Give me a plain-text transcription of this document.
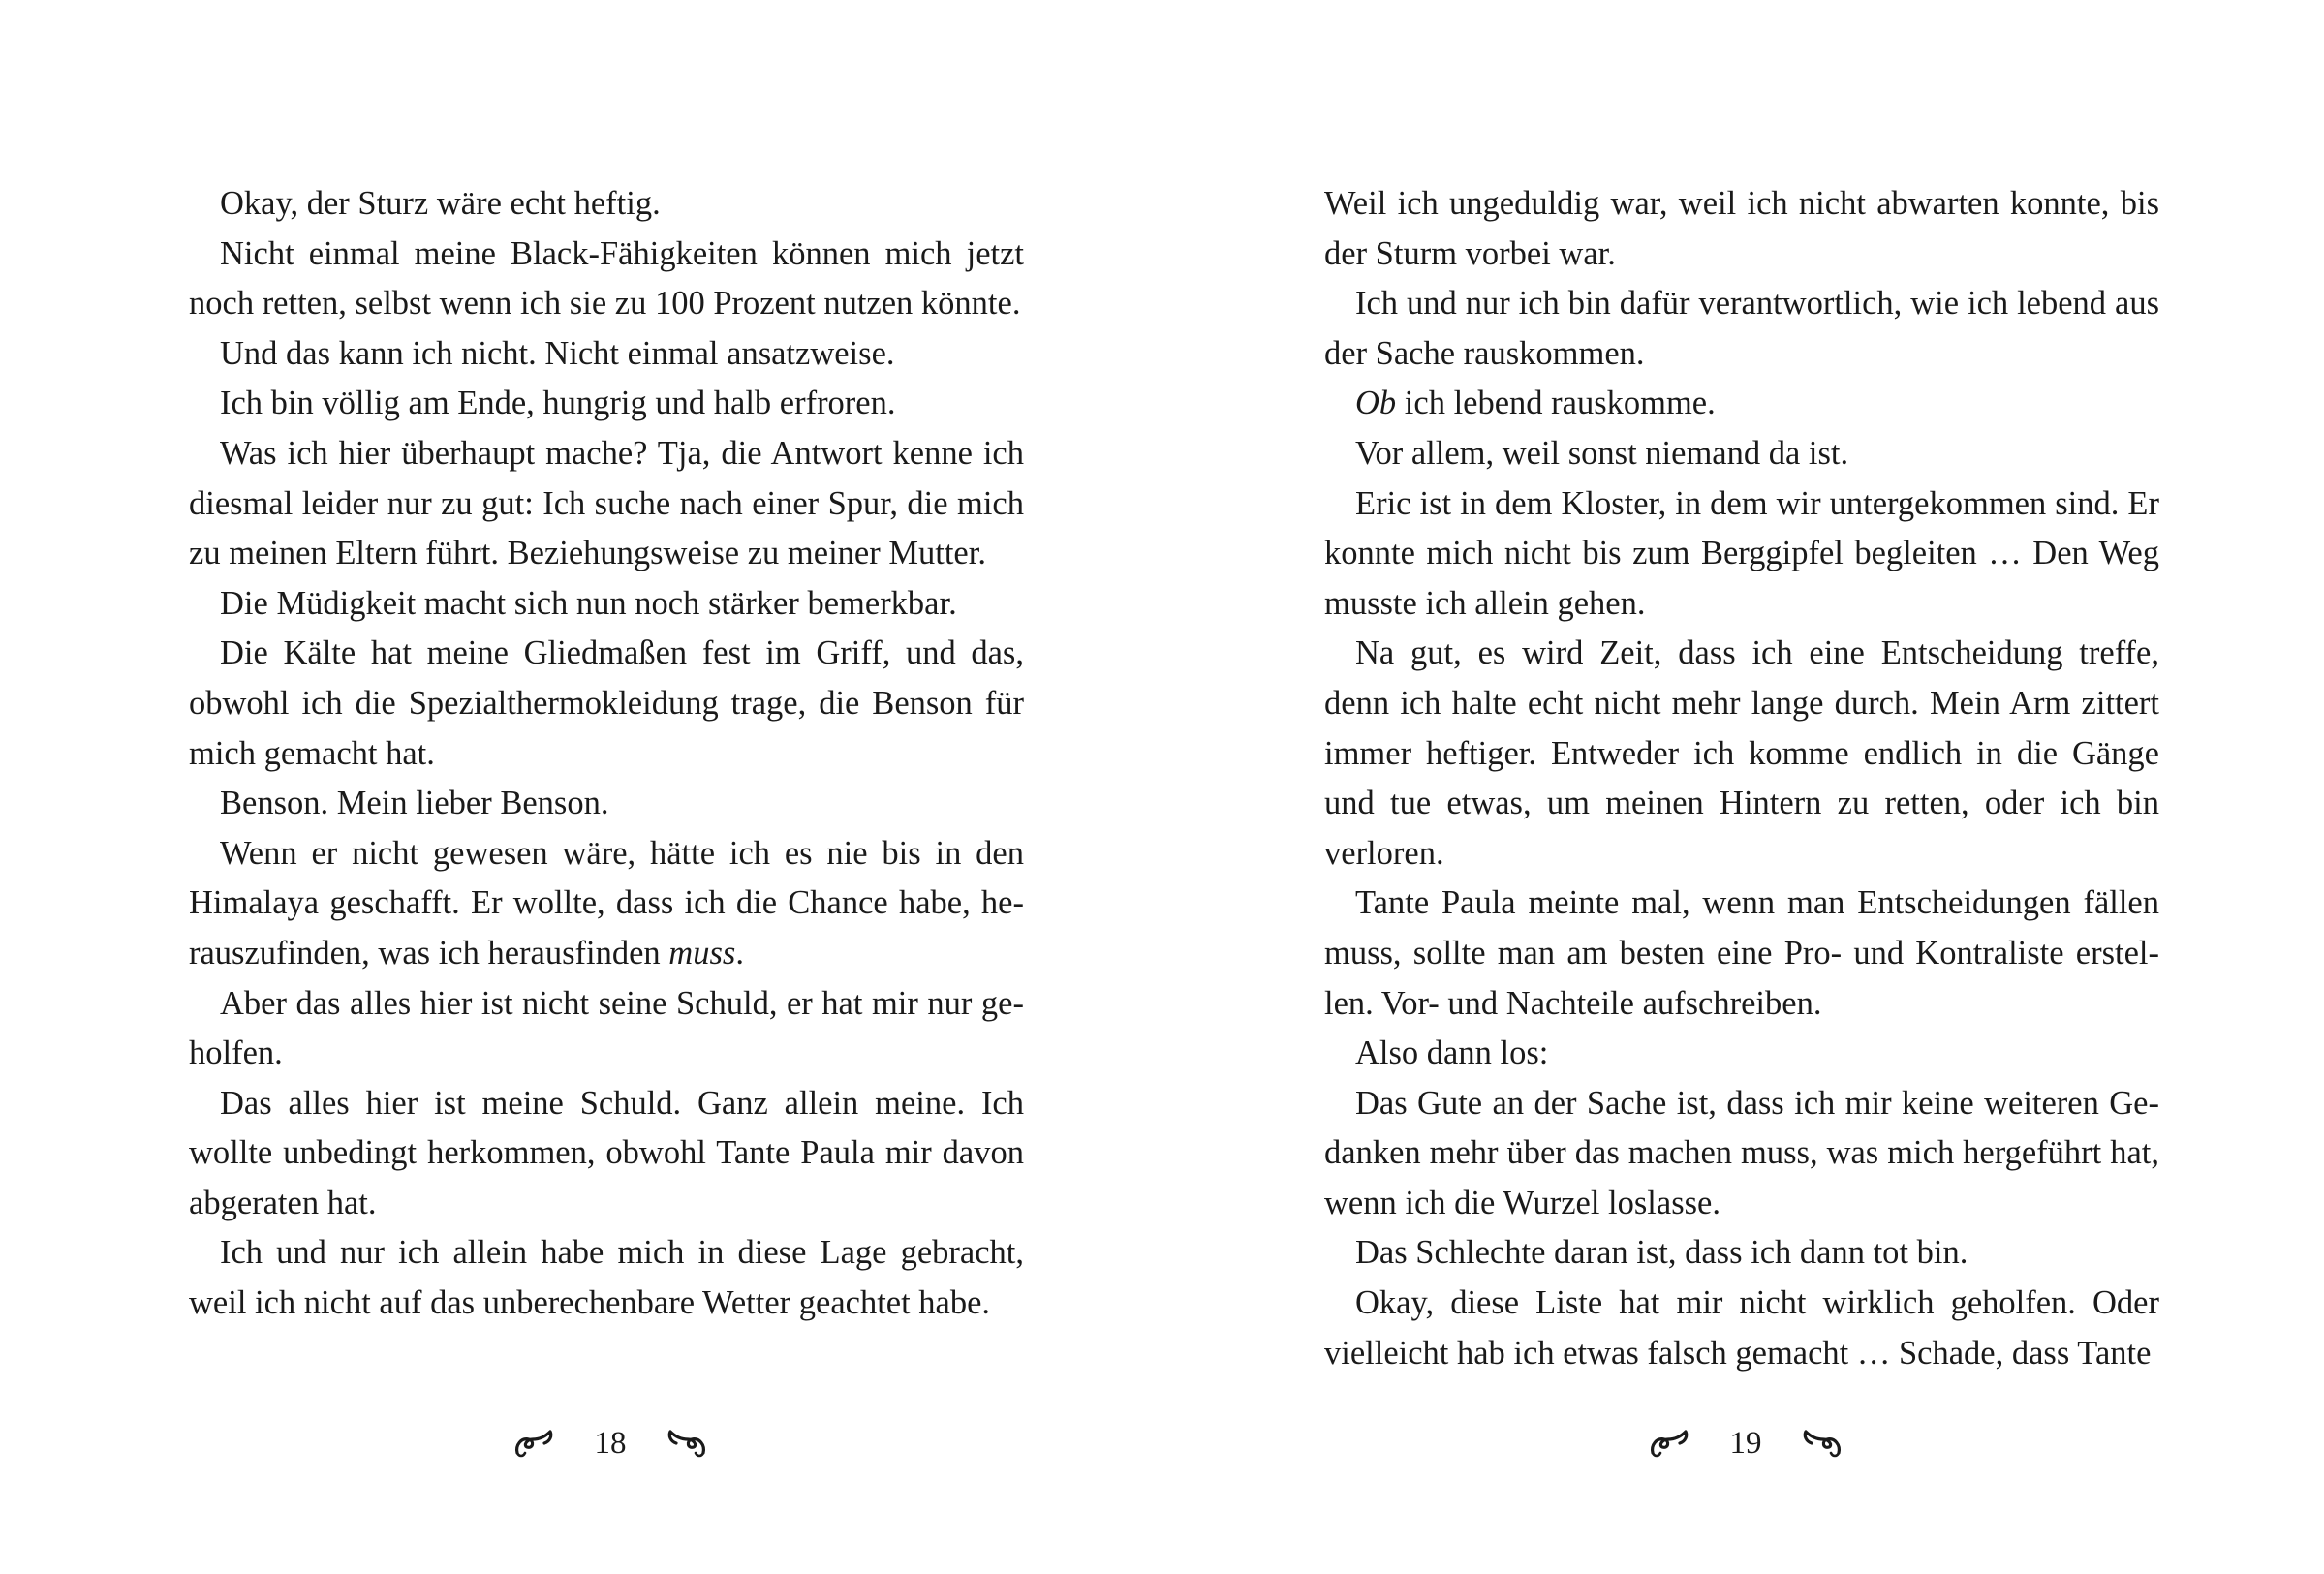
Okay, der Sturz wäre echt heftig.

Nicht einmal meine Black-Fähigkeiten können mich jetzt noch retten, selbst wenn ich sie zu 100 Prozent nutzen könnte.

Und das kann ich nicht. Nicht einmal ansatzweise.

Ich bin völlig am Ende, hungrig und halb erfroren.

Was ich hier überhaupt mache? Tja, die Antwort kenne ich diesmal leider nur zu gut: Ich suche nach einer Spur, die mich zu meinen Eltern führt. Beziehungsweise zu meiner Mutter.

Die Müdigkeit macht sich nun noch stärker bemerkbar.

Die Kälte hat meine Gliedmaßen fest im Griff, und das, obwohl ich die Spezialthermokleidung trage, die Benson für mich gemacht hat.

Benson. Mein lieber Benson.

Wenn er nicht gewesen wäre, hätte ich es nie bis in den Himalaya geschafft. Er wollte, dass ich die Chance habe, herauszufinden, was ich herausfinden muss.

Aber das alles hier ist nicht seine Schuld, er hat mir nur geholfen.

Das alles hier ist meine Schuld. Ganz allein meine. Ich wollte unbedingt herkommen, obwohl Tante Paula mir davon abgeraten hat.

Ich und nur ich allein habe mich in diese Lage gebracht, weil ich nicht auf das unberechenbare Wetter geachtet habe.

18

Weil ich ungeduldig war, weil ich nicht abwarten konnte, bis der Sturm vorbei war.

Ich und nur ich bin dafür verantwortlich, wie ich lebend aus der Sache rauskommen.

Ob ich lebend rauskomme.

Vor allem, weil sonst niemand da ist.

Eric ist in dem Kloster, in dem wir untergekommen sind. Er konnte mich nicht bis zum Berggipfel begleiten … Den Weg musste ich allein gehen.

Na gut, es wird Zeit, dass ich eine Entscheidung treffe, denn ich halte echt nicht mehr lange durch. Mein Arm zittert immer heftiger. Entweder ich komme endlich in die Gänge und tue etwas, um meinen Hintern zu retten, oder ich bin verloren.

Tante Paula meinte mal, wenn man Entscheidungen fällen muss, sollte man am besten eine Pro- und Kontraliste erstellen. Vor- und Nachteile aufschreiben.

Also dann los:

Das Gute an der Sache ist, dass ich mir keine weiteren Gedanken mehr über das machen muss, was mich hergeführt hat, wenn ich die Wurzel loslasse.

Das Schlechte daran ist, dass ich dann tot bin.

Okay, diese Liste hat mir nicht wirklich geholfen. Oder vielleicht hab ich etwas falsch gemacht … Schade, dass Tante

19
